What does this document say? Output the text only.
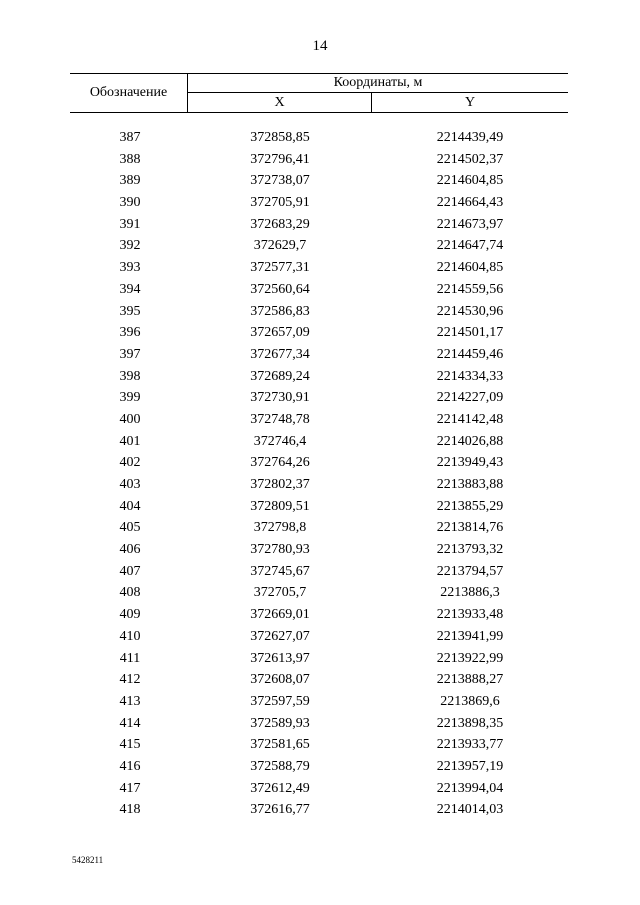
14
Обозначение
Координаты, м
X	Y
387	372858,85	2214439,49
388	372796,41	2214502,37
389	372738,07	2214604,85
390	372705,91	2214664,43
391	372683,29	2214673,97
392	372629,7	2214647,74
393	372577,31	2214604,85
394	372560,64	2214559,56
395	372586,83	2214530,96
396	372657,09	2214501,17
397	372677,34	2214459,46
398	372689,24	2214334,33
399	372730,91	2214227,09
400	372748,78	2214142,48
401	372746,4	2214026,88
402	372764,26	2213949,43
403	372802,37	2213883,88
404	372809,51	2213855,29
405	372798,8	2213814,76
406	372780,93	2213793,32
407	372745,67	2213794,57
408	372705,7	2213886,3
409	372669,01	2213933,48
410	372627,07	2213941,99
411	372613,97	2213922,99
412	372608,07	2213888,27
413	372597,59	2213869,6
414	372589,93	2213898,35
415	372581,65	2213933,77
416	372588,79	2213957,19
417	372612,49	2213994,04
418	372616,77	2214014,03
5428211
